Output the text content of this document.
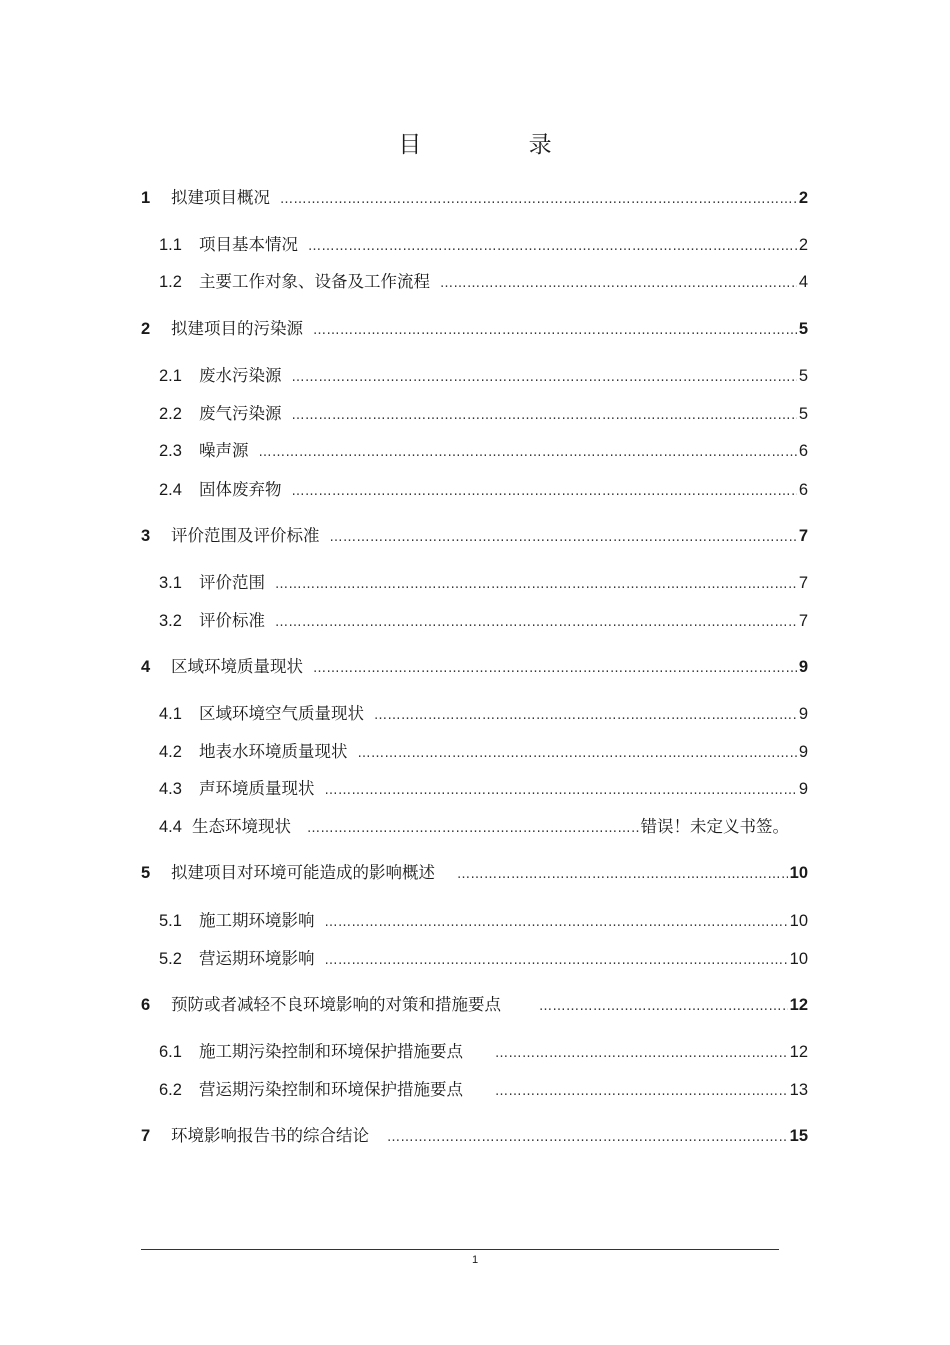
目 录
1	拟建项目概况 ……………………………………………………………………………………………………………………………………………………………………………………	2
1.1	项目基本情况 ……………………………………………………………………………………………………………………………………………………………………………………	2
1.2	主要工作对象、设备及工作流程 ……………………………………………………………………………………………………………………………………………………………………………………	4
2	拟建项目的污染源 ……………………………………………………………………………………………………………………………………………………………………………………	5
2.1	废水污染源 ……………………………………………………………………………………………………………………………………………………………………………………	5
2.2	废气污染源 ……………………………………………………………………………………………………………………………………………………………………………………	5
2.3	噪声源 ……………………………………………………………………………………………………………………………………………………………………………………	6
2.4	固体废弃物 ……………………………………………………………………………………………………………………………………………………………………………………	6
3	评价范围及评价标准 ……………………………………………………………………………………………………………………………………………………………………………………	7
3.1	评价范围 ……………………………………………………………………………………………………………………………………………………………………………………	7
3.2	评价标准 ……………………………………………………………………………………………………………………………………………………………………………………	7
4	区域环境质量现状 ……………………………………………………………………………………………………………………………………………………………………………………	9
4.1	区域环境空气质量现状 ……………………………………………………………………………………………………………………………………………………………………………………	9
4.2	地表水环境质量现状 ……………………………………………………………………………………………………………………………………………………………………………………	9
4.3	声环境质量现状 ……………………………………………………………………………………………………………………………………………………………………………………	9
4.4 生态环境现状 ……………………………………………………………………………………………………………………………………………………………………………………	错误！未定义书签。
5	拟建项目对环境可能造成的影响概述 ……………………………………………………………………………………………………………………………………………………………………………………	10
5.1	施工期环境影响 ……………………………………………………………………………………………………………………………………………………………………………………	10
5.2	营运期环境影响 ……………………………………………………………………………………………………………………………………………………………………………………	10
6	预防或者减轻不良环境影响的对策和措施要点 ……………………………………………………………………………………………………………………………………………………………………………………	12
6.1	施工期污染控制和环境保护措施要点 ……………………………………………………………………………………………………………………………………………………………………………………	12
6.2	营运期污染控制和环境保护措施要点 ……………………………………………………………………………………………………………………………………………………………………………………	13
7	环境影响报告书的综合结论 ……………………………………………………………………………………………………………………………………………………………………………………	15
1
